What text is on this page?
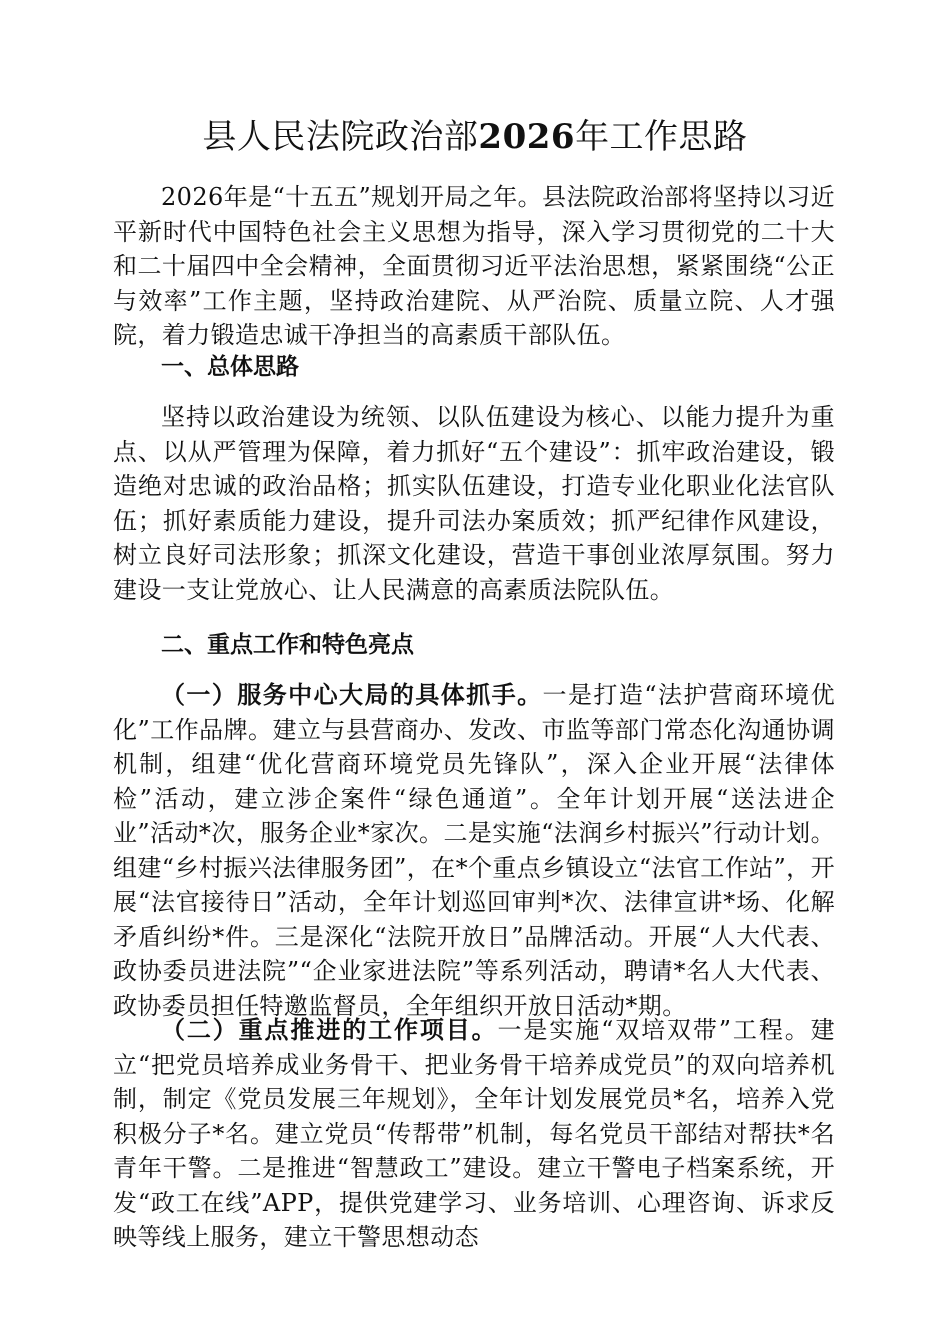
县人民法院政治部2026年工作思路

2026年是“十五五”规划开局之年。县法院政治部将坚持以习近平新时代中国特色社会主义思想为指导，深入学习贯彻党的二十大和二十届四中全会精神，全面贯彻习近平法治思想，紧紧围绕“公正与效率”工作主题，坚持政治建院、从严治院、质量立院、人才强院，着力锻造忠诚干净担当的高素质干部队伍。

一、总体思路

坚持以政治建设为统领、以队伍建设为核心、以能力提升为重点、以从严管理为保障，着力抓好“五个建设”：抓牢政治建设，锻造绝对忠诚的政治品格；抓实队伍建设，打造专业化职业化法官队伍；抓好素质能力建设，提升司法办案质效；抓严纪律作风建设，树立良好司法形象；抓深文化建设，营造干事创业浓厚氛围。努力建设一支让党放心、让人民满意的高素质法院队伍。

二、重点工作和特色亮点

（一）服务中心大局的具体抓手。一是打造“法护营商环境优化”工作品牌。建立与县营商办、发改、市监等部门常态化沟通协调机制，组建“优化营商环境党员先锋队”，深入企业开展“法律体检”活动，建立涉企案件“绿色通道”。全年计划开展“送法进企业”活动*次，服务企业*家次。二是实施“法润乡村振兴”行动计划。组建“乡村振兴法律服务团”，在*个重点乡镇设立“法官工作站”，开展“法官接待日”活动，全年计划巡回审判*次、法律宣讲*场、化解矛盾纠纷*件。三是深化“法院开放日”品牌活动。开展“人大代表、政协委员进法院”“企业家进法院”等系列活动，聘请*名人大代表、政协委员担任特邀监督员，全年组织开放日活动*期。

（二）重点推进的工作项目。一是实施“双培双带”工程。建立“把党员培养成业务骨干、把业务骨干培养成党员”的双向培养机制，制定《党员发展三年规划》，全年计划发展党员*名，培养入党积极分子*名。建立党员“传帮带”机制，每名党员干部结对帮扶*名青年干警。二是推进“智慧政工”建设。建立干警电子档案系统，开发“政工在线”APP，提供党建学习、业务培训、心理咨询、诉求反映等线上服务，建立干警思想动态
